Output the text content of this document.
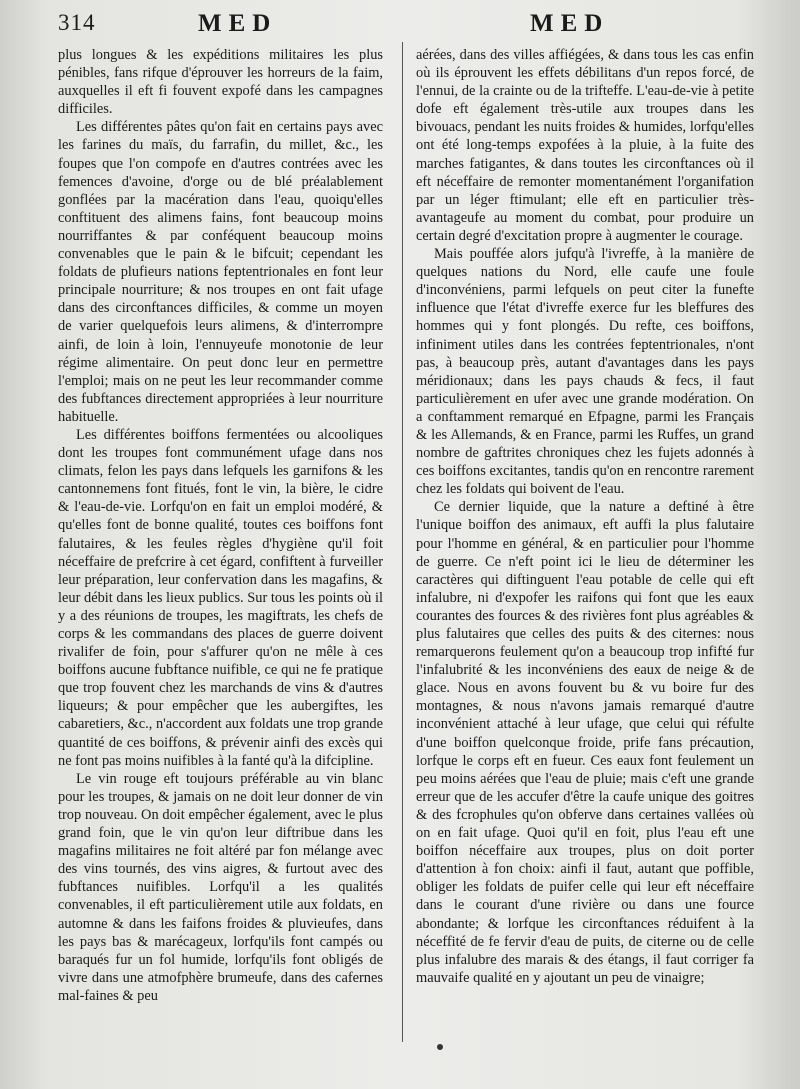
314	MED	MED

plus longues & les expéditions militaires les plus pénibles, fans rifque d'éprouver les horreurs de la faim, auxquelles il eft fi fouvent expofé dans les campagnes difficiles.

Les différentes pâtes qu'on fait en certains pays avec les farines du maïs, du farrafin, du millet, &c., les foupes que l'on compofe en d'autres contrées avec les femences d'avoine, d'orge ou de blé préalablement gonflées par la macération dans l'eau, quoiqu'elles conftituent des alimens fains, font beaucoup moins nourriffantes & par conféquent beaucoup moins convenables que le pain & le bifcuit; cependant les foldats de plufieurs nations feptentrionales en font leur principale nourriture; & nos troupes en ont fait ufage dans des circonftances difficiles, & comme un moyen de varier quelquefois leurs alimens, & d'interrompre ainfi, de loin à loin, l'ennuyeufe monotonie de leur régime alimentaire. On peut donc leur en permettre l'emploi; mais on ne peut les leur recommander comme des fubftances directement appropriées à leur nourriture habituelle.

Les différentes boiffons fermentées ou alcooliques dont les troupes font communément ufage dans nos climats, felon les pays dans lefquels les garnifons & les cantonnemens font fitués, font le vin, la bière, le cidre & l'eau-de-vie. Lorfqu'on en fait un emploi modéré, & qu'elles font de bonne qualité, toutes ces boiffons font falutaires, & les feules règles d'hygiène qu'il foit néceffaire de prefcrire à cet égard, confiftent à furveiller leur préparation, leur confervation dans les magafins, & leur débit dans les lieux publics. Sur tous les points où il y a des réunions de troupes, les magiftrats, les chefs de corps & les commandans des places de guerre doivent rivalifer de foin, pour s'affurer qu'on ne mêle à ces boiffons aucune fubftance nuifible, ce qui ne fe pratique que trop fouvent chez les marchands de vins & d'autres liqueurs; & pour empêcher que les aubergiftes, les cabaretiers, &c., n'accordent aux foldats une trop grande quantité de ces boiffons, & prévenir ainfi des excès qui ne font pas moins nuifibles à la fanté qu'à la difcipline.

Le vin rouge eft toujours préférable au vin blanc pour les troupes, & jamais on ne doit leur donner de vin trop nouveau. On doit empêcher également, avec le plus grand foin, que le vin qu'on leur diftribue dans les magafins militaires ne foit altéré par fon mélange avec des vins tournés, des vins aigres, & furtout avec des fubftances nuifibles. Lorfqu'il a les qualités convenables, il eft particulièrement utile aux foldats, en automne & dans les faifons froides & pluvieufes, dans les pays bas & marécageux, lorfqu'ils font campés ou baraqués fur un fol humide, lorfqu'ils font obligés de vivre dans une atmofphère brumeufe, dans des cafernes mal-faines & peu

aérées, dans des villes affiégées, & dans tous les cas enfin où ils éprouvent les effets débilitans d'un repos forcé, de l'ennui, de la crainte ou de la trifteffe. L'eau-de-vie à petite dofe eft également très-utile aux troupes dans les bivouacs, pendant les nuits froides & humides, lorfqu'elles ont été long-temps expofées à la pluie, à la fuite des marches fatigantes, & dans toutes les circonftances où il eft néceffaire de remonter momentanément l'organifation par un léger ftimulant; elle eft en particulier très-avantageufe au moment du combat, pour produire un certain degré d'excitation propre à augmenter le courage.

Mais pouffée alors jufqu'à l'ivreffe, à la manière de quelques nations du Nord, elle caufe une foule d'inconvéniens, parmi lefquels on peut citer la funefte influence que l'état d'ivreffe exerce fur les bleffures des hommes qui y font plongés. Du refte, ces boiffons, infiniment utiles dans les contrées feptentrionales, n'ont pas, à beaucoup près, autant d'avantages dans les pays méridionaux; dans les pays chauds & fecs, il faut particulièrement en ufer avec une grande modération. On a conftamment remarqué en Efpagne, parmi les Français & les Allemands, & en France, parmi les Ruffes, un grand nombre de gaftrites chroniques chez les fujets adonnés à ces boiffons excitantes, tandis qu'on en rencontre rarement chez les foldats qui boivent de l'eau.

Ce dernier liquide, que la nature a deftiné à être l'unique boiffon des animaux, eft auffi la plus falutaire pour l'homme en général, & en particulier pour l'homme de guerre. Ce n'eft point ici le lieu de déterminer les caractères qui diftinguent l'eau potable de celle qui eft infalubre, ni d'expofer les raifons qui font que les eaux courantes des fources & des rivières font plus agréables & plus falutaires que celles des puits & des citernes: nous remarquerons feulement qu'on a beaucoup trop infifté fur l'infalubrité & les inconvéniens des eaux de neige & de glace. Nous en avons fouvent bu & vu boire fur des montagnes, & nous n'avons jamais remarqué d'autre inconvénient attaché à leur ufage, que celui qui réfulte d'une boiffon quelconque froide, prife fans précaution, lorfque le corps eft en fueur. Ces eaux font feulement un peu moins aérées que l'eau de pluie; mais c'eft une grande erreur que de les accufer d'être la caufe unique des goitres & des fcrophules qu'on obferve dans certaines vallées où on en fait ufage. Quoi qu'il en foit, plus l'eau eft une boiffon néceffaire aux troupes, plus on doit porter d'attention à fon choix: ainfi il faut, autant que poffible, obliger les foldats de puifer celle qui leur eft néceffaire dans le courant d'une rivière ou dans une fource abondante; & lorfque les circonftances réduifent à la néceffité de fe fervir d'eau de puits, de citerne ou de celle plus infalubre des marais & des étangs, il faut corriger fa mauvaife qualité en y ajoutant un peu de vinaigre;
